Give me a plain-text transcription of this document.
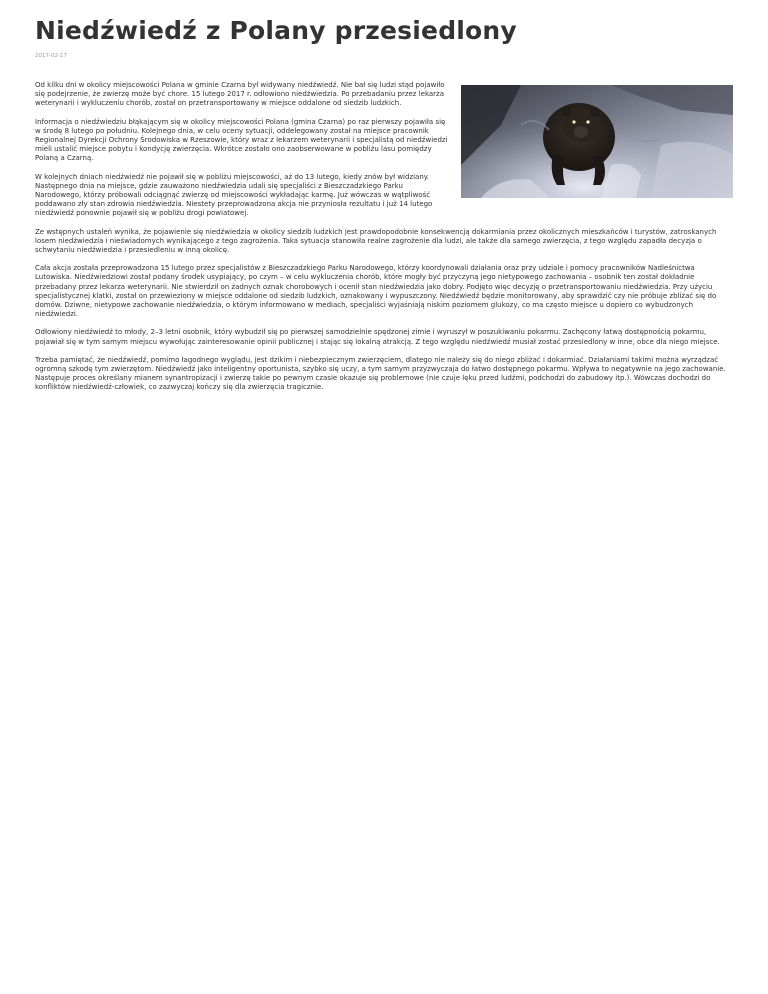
Niedźwiedź z Polany przesiedlony
2017-02-17

Od kilku dni w okolicy miejscowości Polana w gminie Czarna był widywany niedźwiedź. Nie bał się ludzi stąd pojawiło się podejrzenie, że zwierzę może być chore. 15 lutego 2017 r. odłowiono niedźwiedzia. Po przebadaniu przez lekarza weterynarii i wykluczeniu chorób, został on przetransportowany w miejsce oddalone od siedzib ludzkich.

Informacja o niedźwiedziu błąkającym się w okolicy miejscowości Polana (gmina Czarna) po raz pierwszy pojawiła się w środę 8 lutego po południu. Kolejnego dnia, w celu oceny sytuacji, oddelegowany został na miejsce pracownik Regionalnej Dyrekcji Ochrony Środowiska w Rzeszowie, który wraz z lekarzem weterynarii i specjalistą od niedźwiedzi mieli ustalić miejsce pobytu i kondycję zwierzęcia. Wkrótce zostało ono zaobserwowane w pobliżu lasu pomiędzy Polaną a Czarną.

W kolejnych dniach niedźwiedź nie pojawił się w pobliżu miejscowości, aż do 13 lutego, kiedy znów był widziany. Następnego dnia na miejsce, gdzie zauważono niedźwiedzia udali się specjaliści z Bieszczadzkiego Parku Narodowego, którzy próbowali odciągnąć zwierzę od miejscowości wykładając karmę. Już wówczas w wątpliwość poddawano zły stan zdrowia niedźwiedzia. Niestety przeprowadzona akcja nie przyniosła rezultatu i już 14 lutego niedźwiedź ponownie pojawił się w pobliżu drogi powiatowej.

Ze wstępnych ustaleń wynika, że pojawienie się niedźwiedzia w okolicy siedzib ludzkich jest prawdopodobnie konsekwencją dokarmiania przez okolicznych mieszkańców i turystów, zatroskanych losem niedźwiedzia i nieświadomych wynikającego z tego zagrożenia. Taka sytuacja stanowiła realne zagrożenie dla ludzi, ale także dla samego zwierzęcia, z tego względu zapadła decyzja o schwytaniu niedźwiedzia i przesiedleniu w inną okolicę.

Cała akcja została przeprowadzona 15 lutego przez specjalistów z Bieszczadzkiego Parku Narodowego, którzy koordynowali działania oraz przy udziale i pomocy pracowników Nadleśnictwa Lutowiska. Niedźwiedziowi został podany środek usypiający, po czym – w celu wykluczenia chorób, które mogły być przyczyną jego nietypowego zachowania – osobnik ten został dokładnie przebadany przez lekarza weterynarii. Nie stwierdził on żadnych oznak chorobowych i ocenił stan niedźwiedzia jako dobry. Podjęto więc decyzję o przetransportowaniu niedźwiedzia. Przy użyciu specjalistycznej klatki, został on przewieziony w miejsce oddalone od siedzib ludzkich, oznakowany i wypuszczony. Niedźwiedź będzie monitorowany, aby sprawdzić czy nie próbuje zbliżać się do domów. Dziwne, nietypowe zachowanie niedźwiedzia, o którym informowano w mediach, specjaliści wyjaśniają niskim poziomem glukozy, co ma często miejsce u dopiero co wybudzonych niedźwiedzi.

Odłowiony niedźwiedź to młody, 2–3 letni osobnik, który wybudził się po pierwszej samodzielnie spędzonej zimie i wyruszył w poszukiwaniu pokarmu. Zachęcony łatwą dostępnością pokarmu, pojawiał się w tym samym miejscu wywołując zainteresowanie opinii publicznej i stając się lokalną atrakcją. Z tego względu niedźwiedź musiał zostać przesiedlony w inne, obce dla niego miejsce.

Trzeba pamiętać, że niedźwiedź, pomimo łagodnego wyglądu, jest dzikim i niebezpiecznym zwierzęciem, dlatego nie należy się do niego zbliżać i dokarmiać. Działaniami takimi można wyrządzać ogromną szkodę tym zwierzętom. Niedźwiedź jako inteligentny oportunista, szybko się uczy, a tym samym przyzwyczaja do łatwo dostępnego pokarmu. Wpływa to negatywnie na jego zachowanie. Następuje proces określany mianem synantropizacji i zwierzę takie po pewnym czasie okazuje się problemowe (nie czuje lęku przed ludźmi, podchodzi do zabudowy itp.). Wówczas dochodzi do konfliktów niedźwiedź-człowiek, co zazwyczaj kończy się dla zwierzęcia tragicznie.
